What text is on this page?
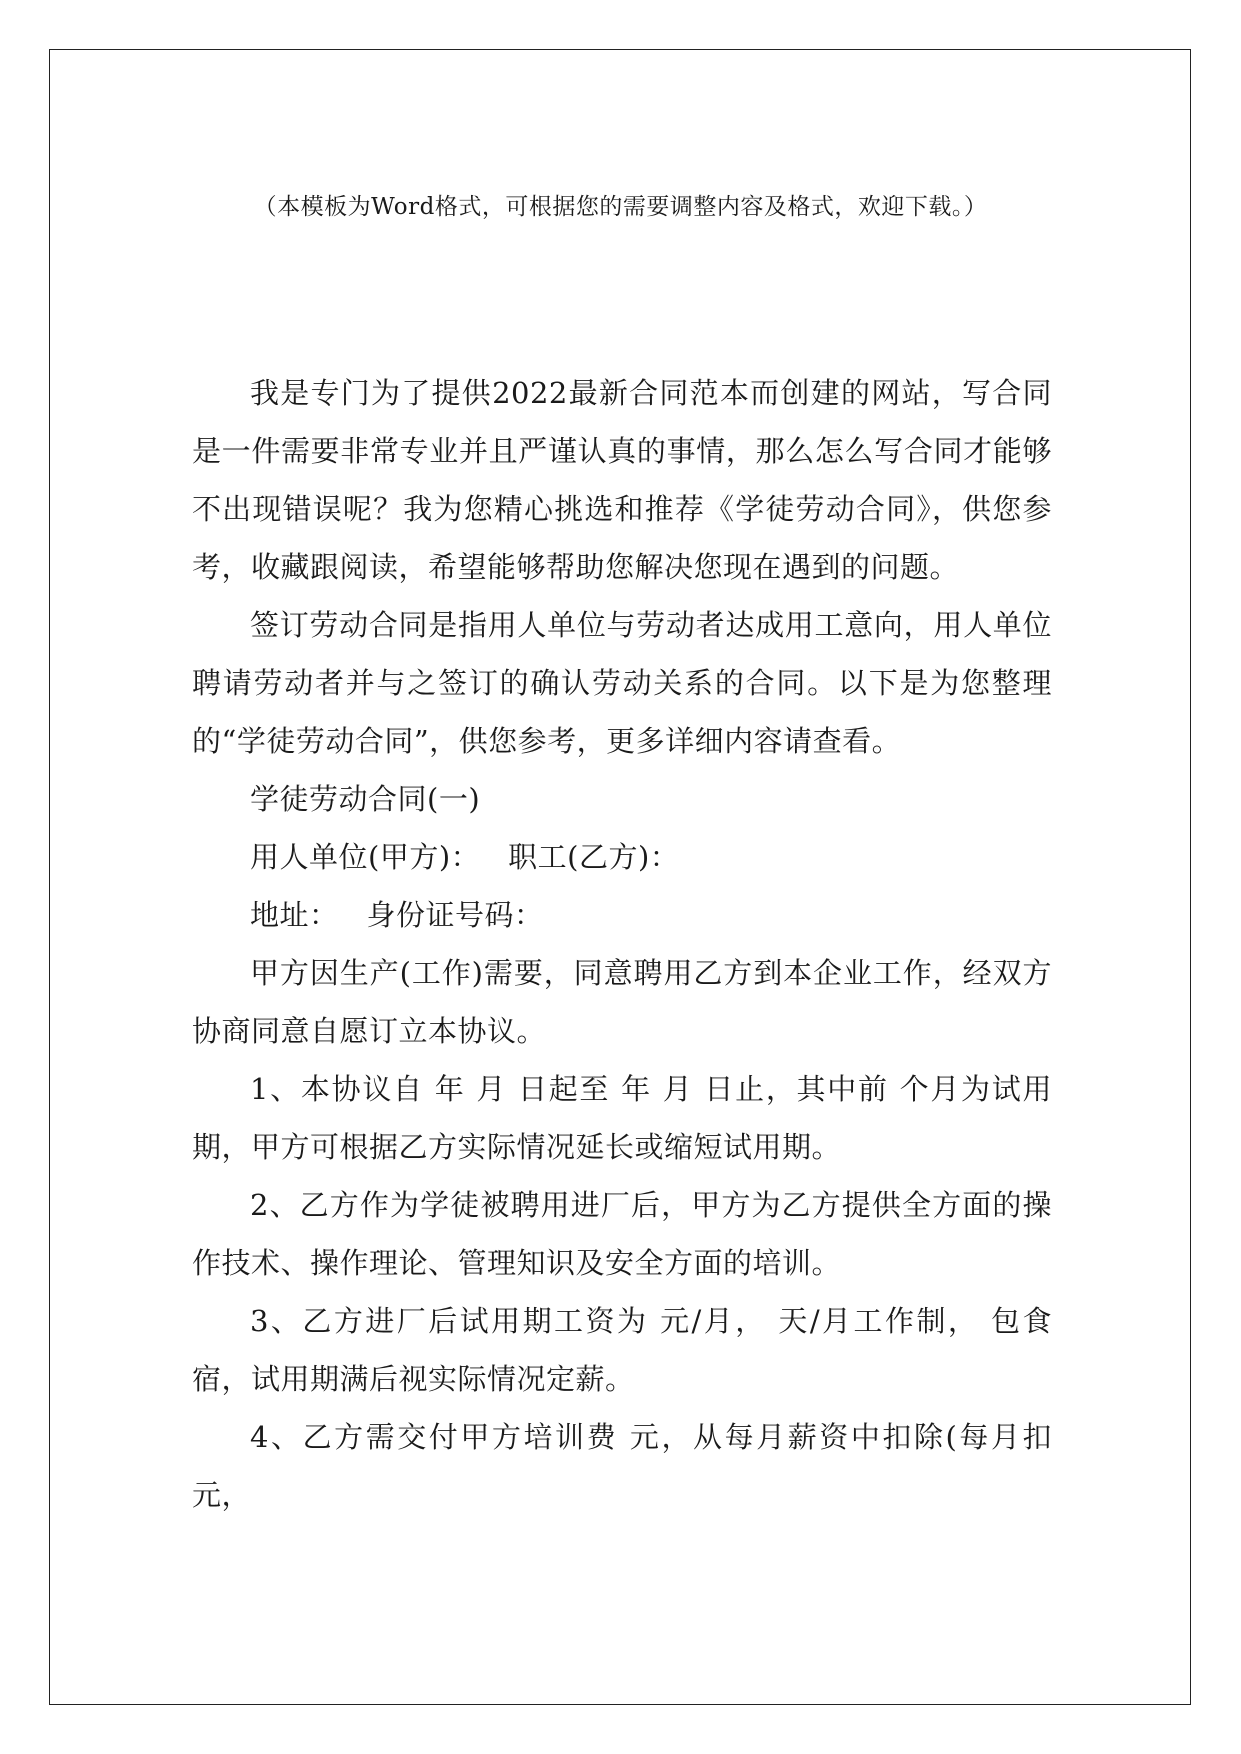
（本模板为Word格式，可根据您的需要调整内容及格式，欢迎下载。）

我是专门为了提供2022最新合同范本而创建的网站，写合同是一件需要非常专业并且严谨认真的事情，那么怎么写合同才能够不出现错误呢？我为您精心挑选和推荐《学徒劳动合同》，供您参考，收藏跟阅读，希望能够帮助您解决您现在遇到的问题。

签订劳动合同是指用人单位与劳动者达成用工意向，用人单位聘请劳动者并与之签订的确认劳动关系的合同。以下是为您整理的“学徒劳动合同”，供您参考，更多详细内容请查看。

学徒劳动合同(一)

用人单位(甲方)： 职工(乙方)：

地址： 身份证号码：

甲方因生产(工作)需要，同意聘用乙方到本企业工作，经双方协商同意自愿订立本协议。

1、本协议自 年 月 日起至 年 月 日止，其中前 个月为试用期，甲方可根据乙方实际情况延长或缩短试用期。

2、乙方作为学徒被聘用进厂后，甲方为乙方提供全方面的操作技术、操作理论、管理知识及安全方面的培训。

3、乙方进厂后试用期工资为 元/月， 天/月工作制， 包食宿，试用期满后视实际情况定薪。

4、乙方需交付甲方培训费 元，从每月薪资中扣除(每月扣 元，
